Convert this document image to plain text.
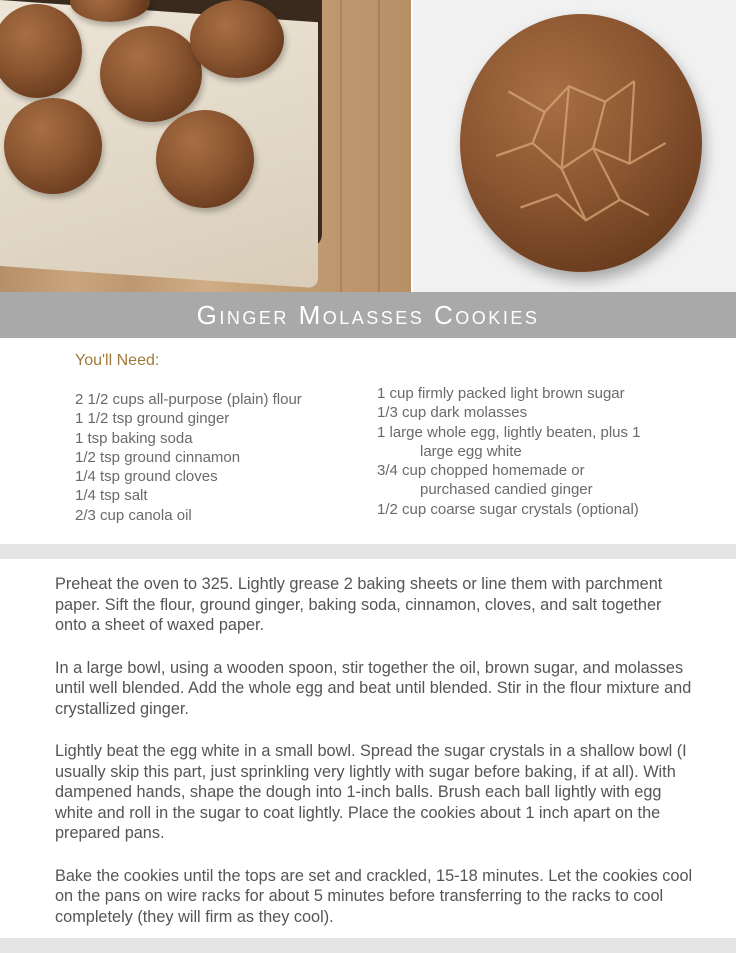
Ginger Molasses Cookies
You'll Need:
2 1/2 cups all-purpose (plain) flour
1 1/2 tsp ground ginger
1 tsp baking soda
1/2 tsp ground cinnamon
1/4 tsp ground cloves
1/4 tsp salt
2/3 cup canola oil
1 cup firmly packed light brown sugar
1/3 cup dark molasses
1 large whole egg, lightly beaten, plus 1
large egg white
3/4 cup chopped homemade or
purchased candied ginger
1/2 cup coarse sugar crystals (optional)

Preheat the oven to 325. Lightly grease 2 baking sheets or line them with parchment paper. Sift the flour, ground ginger, baking soda, cinnamon, cloves, and salt together onto a sheet of waxed paper.

In a large bowl, using a wooden spoon, stir together the oil, brown sugar, and molasses until well blended. Add the whole egg and beat until blended. Stir in the flour mixture and crystallized ginger.

Lightly beat the egg white in a small bowl. Spread the sugar crystals in a shallow bowl (I usually skip this part, just sprinkling very lightly with sugar before baking, if at all). With dampened hands, shape the dough into 1-inch balls. Brush each ball lightly with egg white and roll in the sugar to coat lightly. Place the cookies about 1 inch apart on the prepared pans.

Bake the cookies until the tops are set and crackled, 15-18 minutes. Let the cookies cool on the pans on wire racks for about 5 minutes before transferring to the racks to cool completely (they will firm as they cool).
